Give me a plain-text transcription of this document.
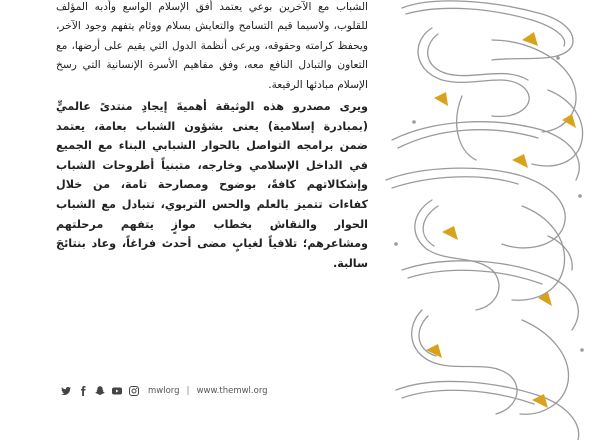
الشباب مع الآخرين بوعي يعتمد أفق الإسلام الواسع وأدبه المؤلف للقلوب، ولاسيما قيم التسامح والتعايش بسلام ووئام يتفهم وجود الآخر، ويحفظ كرامته وحقوقه، ويرعى أنظمة الدول التي يقيم على أرضها، مع التعاون والتبادل النافع معه، وفق مفاهيم الأسرة الإنسانية التي رسخ الإسلام مبادئها الرفيعة.

ويرى مصدرو هذه الوثيقة أهميةَ إيجادِ منتدىً عالميٍّ (بمبادرة إسلامية) يعنى بشؤون الشباب بعامة، يعتمد ضمن برامجه التواصل بالحوار الشبابي البناء مع الجميع في الداخل الإسلامي وخارجه، متبنياً أطروحات الشباب وإشكالاتهم كافةً، بوضوح ومصارحة تامة، من خلال كفاءات تتميز بالعلم والحس التربوي، تتبادل مع الشباب الحوار والنقاش بخطاب موازٍ يتفهم مرحلتهم ومشاعرهم؛ تلافياً لغيابٍ مضى أحدث فراغاً، وعاد بنتائجَ سالبة.

mwlorg | www.themwl.org
